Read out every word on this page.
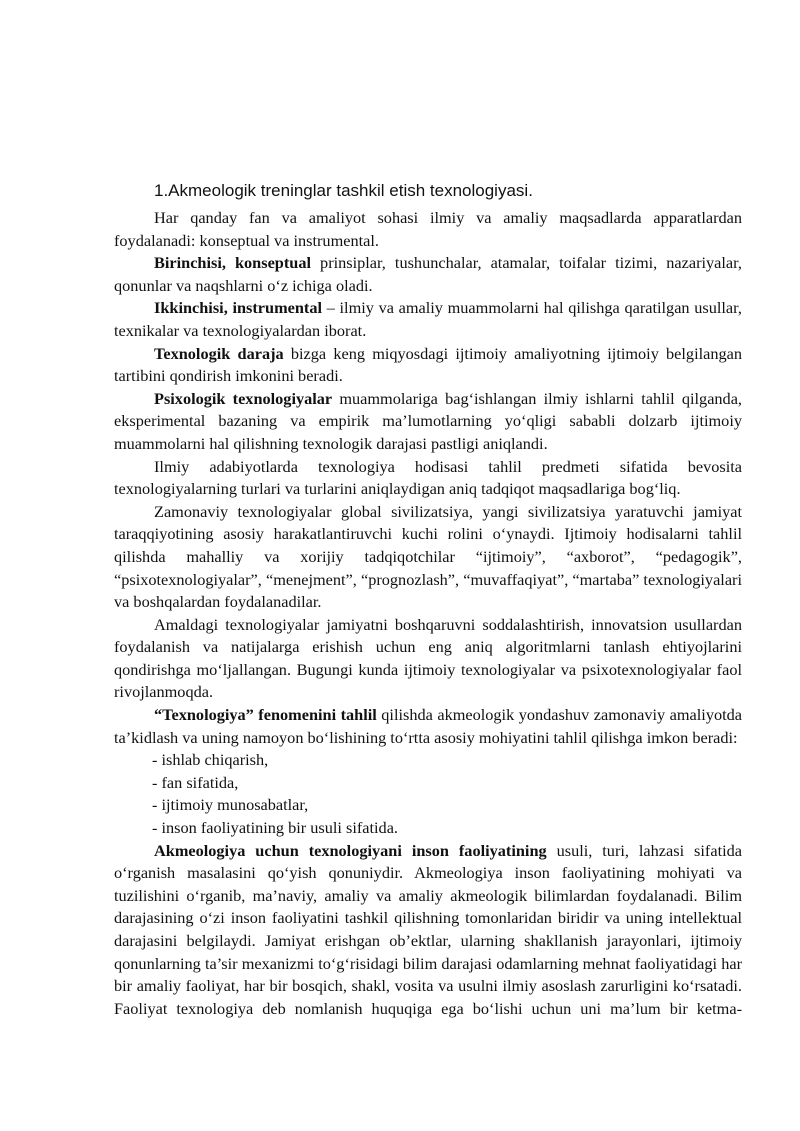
1.Akmeologik treninglar tashkil etish texnologiyasi.

Har qanday fan va amaliyot sohasi ilmiy va amaliy maqsadlarda apparatlardan foydalanadi: konseptual va instrumental.

Birinchisi, konseptual prinsiplar, tushunchalar, atamalar, toifalar tizimi, nazariyalar, qonunlar va naqshlarni o‘z ichiga oladi.

Ikkinchisi, instrumental – ilmiy va amaliy muammolarni hal qilishga qaratilgan usullar, texnikalar va texnologiyalardan iborat.

Texnologik daraja bizga keng miqyosdagi ijtimoiy amaliyotning ijtimoiy belgilangan tartibini qondirish imkonini beradi.

Psixologik texnologiyalar muammolariga bag‘ishlangan ilmiy ishlarni tahlil qilganda, eksperimental bazaning va empirik ma’lumotlarning yo‘qligi sababli dolzarb ijtimoiy muammolarni hal qilishning texnologik darajasi pastligi aniqlandi.

Ilmiy adabiyotlarda texnologiya hodisasi tahlil predmeti sifatida bevosita texnologiyalarning turlari va turlarini aniqlaydigan aniq tadqiqot maqsadlariga bog‘liq.

Zamonaviy texnologiyalar global sivilizatsiya, yangi sivilizatsiya yaratuvchi jamiyat taraqqiyotining asosiy harakatlantiruvchi kuchi rolini o‘ynaydi. Ijtimoiy hodisalarni tahlil qilishda mahalliy va xorijiy tadqiqotchilar “ijtimoiy”, “axborot”, “pedagogik”, “psixotexnologiyalar”, “menejment”, “prognozlash”, “muvaffaqiyat”, “martaba” texnologiyalari va boshqalardan foydalanadilar.

Amaldagi texnologiyalar jamiyatni boshqaruvni soddalashtirish, innovatsion usullardan foydalanish va natijalarga erishish uchun eng aniq algoritmlarni tanlash ehtiyojlarini qondirishga mo‘ljallangan. Bugungi kunda ijtimoiy texnologiyalar va psixotexnologiyalar faol rivojlanmoqda.

“Texnologiya” fenomenini tahlil qilishda akmeologik yondashuv zamonaviy amaliyotda ta’kidlash va uning namoyon bo‘lishining to‘rtta asosiy mohiyatini tahlil qilishga imkon beradi:

- ishlab chiqarish,
- fan sifatida,
- ijtimoiy munosabatlar,
- inson faoliyatining bir usuli sifatida.

Akmeologiya uchun texnologiyani inson faoliyatining usuli, turi, lahzasi sifatida o‘rganish masalasini qo‘yish qonuniydir. Akmeologiya inson faoliyatining mohiyati va tuzilishini o‘rganib, ma’naviy, amaliy va amaliy akmeologik bilimlardan foydalanadi. Bilim darajasining o‘zi inson faoliyatini tashkil qilishning tomonlaridan biridir va uning intellektual darajasini belgilaydi. Jamiyat erishgan ob’ektlar, ularning shakllanish jarayonlari, ijtimoiy qonunlarning ta’sir mexanizmi to‘g‘risidagi bilim darajasi odamlarning mehnat faoliyatidagi har bir amaliy faoliyat, har bir bosqich, shakl, vosita va usulni ilmiy asoslash zarurligini ko‘rsatadi. Faoliyat texnologiya deb nomlanish huquqiga ega bo‘lishi uchun uni ma’lum bir ketma-
